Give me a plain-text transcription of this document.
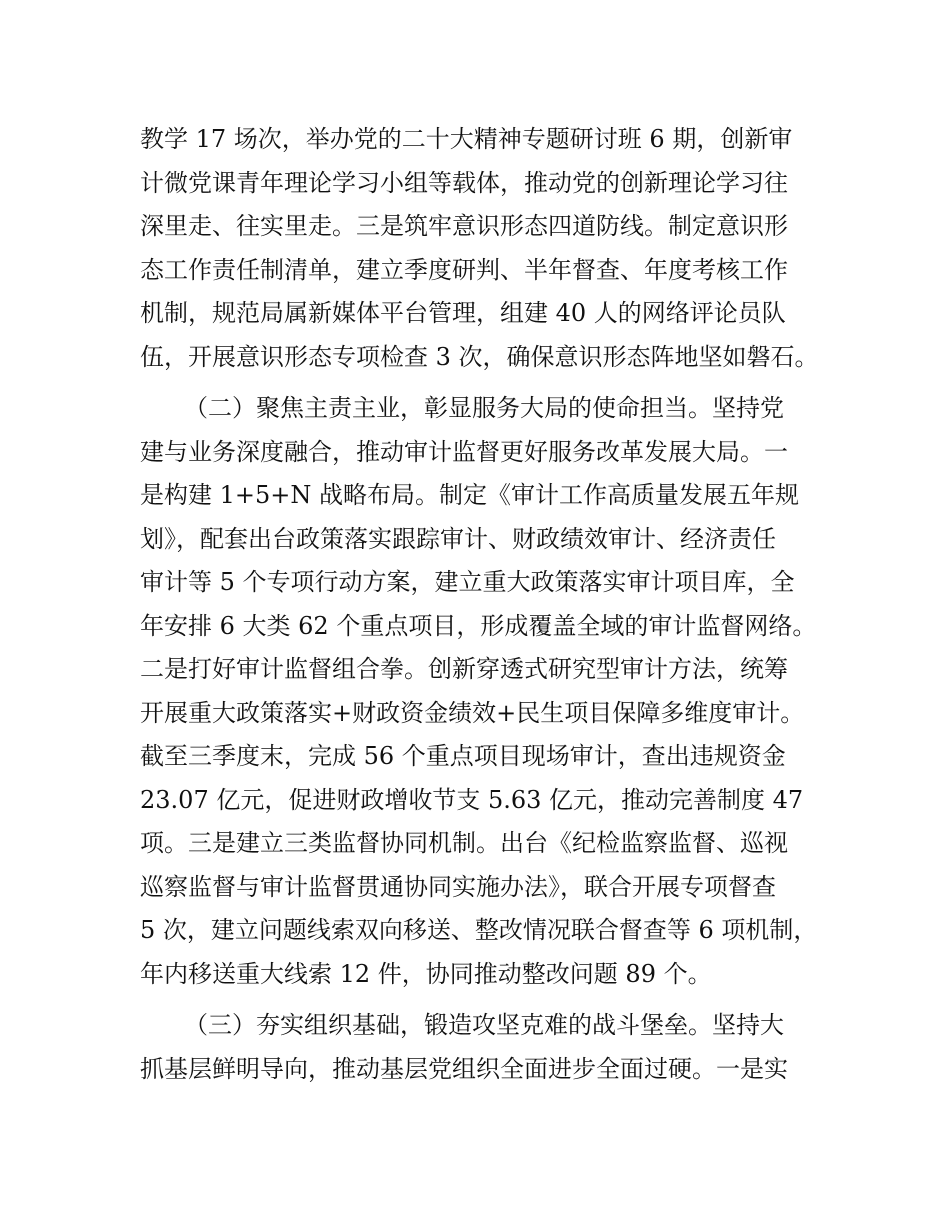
教学 17 场次，举办党的二十大精神专题研讨班 6 期，创新审
计微党课青年理论学习小组等载体，推动党的创新理论学习往
深里走、往实里走。三是筑牢意识形态四道防线。制定意识形
态工作责任制清单，建立季度研判、半年督查、年度考核工作
机制，规范局属新媒体平台管理，组建 40 人的网络评论员队
伍，开展意识形态专项检查 3 次，确保意识形态阵地坚如磐石。
（二）聚焦主责主业，彰显服务大局的使命担当。坚持党
建与业务深度融合，推动审计监督更好服务改革发展大局。一
是构建 1+5+N 战略布局。制定《审计工作高质量发展五年规
划》，配套出台政策落实跟踪审计、财政绩效审计、经济责任
审计等 5 个专项行动方案，建立重大政策落实审计项目库，全
年安排 6 大类 62 个重点项目，形成覆盖全域的审计监督网络。
二是打好审计监督组合拳。创新穿透式研究型审计方法，统筹
开展重大政策落实+财政资金绩效+民生项目保障多维度审计。
截至三季度末，完成 56 个重点项目现场审计，查出违规资金
23.07 亿元，促进财政增收节支 5.63 亿元，推动完善制度 47
项。三是建立三类监督协同机制。出台《纪检监察监督、巡视
巡察监督与审计监督贯通协同实施办法》，联合开展专项督查
5 次，建立问题线索双向移送、整改情况联合督查等 6 项机制，
年内移送重大线索 12 件，协同推动整改问题 89 个。
（三）夯实组织基础，锻造攻坚克难的战斗堡垒。坚持大
抓基层鲜明导向，推动基层党组织全面进步全面过硬。一是实
